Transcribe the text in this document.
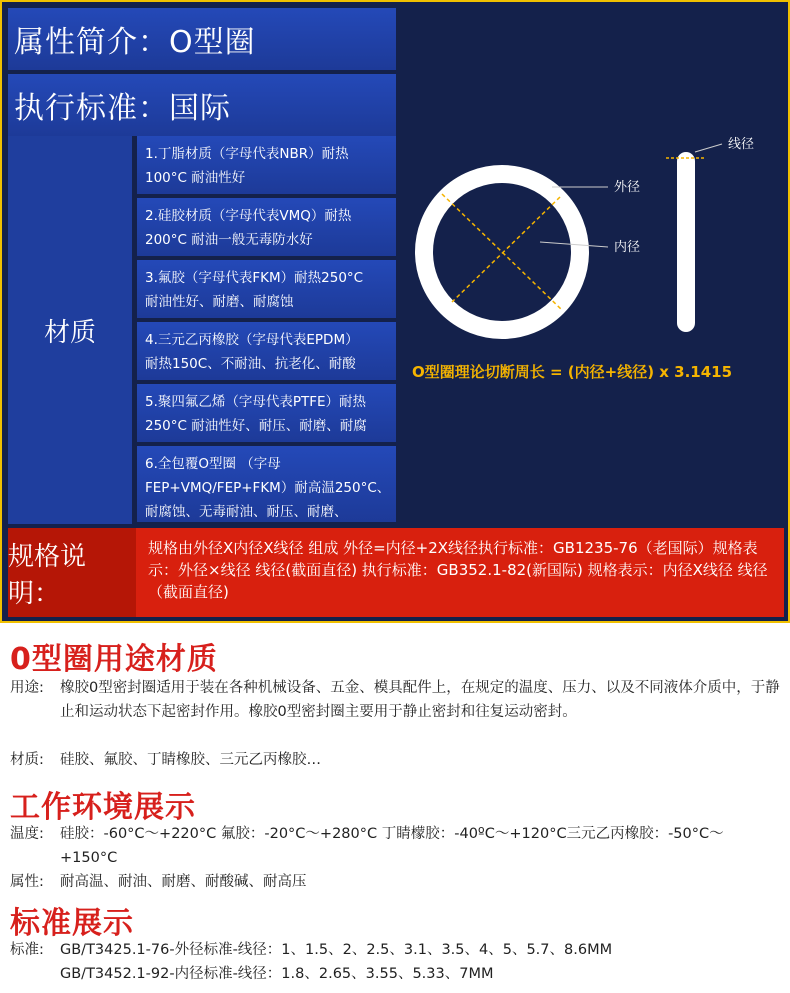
属性简介： O型圈
执行标准： 国际
材质
1.丁脂材质（字母代表NBR）耐热
100°C 耐油性好
2.硅胶材质（字母代表VMQ）耐热
200°C 耐油一般无毒防水好
3.氟胶（字母代表FKM）耐热250°C
耐油性好、耐磨、耐腐蚀
4.三元乙丙橡胶（字母代表EPDM）
耐热150C、不耐油、抗老化、耐酸
5.聚四氟乙烯（字母代表PTFE）耐热
250°C 耐油性好、耐压、耐磨、耐腐
6.全包覆O型圈 （字母
FEP+VMQ/FEP+FKM）耐高温250°C、
耐腐蚀、无毒耐油、耐压、耐磨、
外径
内径
线径
O型圈理论切断周长 = (内径+线径) x 3.1415
规格说明：
规格由外径X内径X线径 组成 外径=内径+2X线径执行标准：GB1235-76（老国际）规格表示：外径×线径 线径(截面直径) 执行标准：GB352.1-82(新国际) 规格表示：内径X线径 线径（截面直径)
0型圈用途材质
用途:	橡胶0型密封圈适用于装在各种机械设备、五金、模具配件上，在规定的温度、压力、以及不同液体介质中，于静止和运动状态下起密封作用。橡胶0型密封圈主要用于静止密封和往复运动密封。
材质:	硅胶、氟胶、丁睛橡胶、三元乙丙橡胶…
工作环境展示
温度:	硅胶：-60°C～+220°C 氟胶：-20°C～+280°C 丁睛檬胶：-40ºC～+120°C三元乙丙橡胶：-50°C～+150°C
属性:	耐高温、耐油、耐磨、耐酸碱、耐高压
标准展示
标准:	GB/T3425.1-76-外径标准-线径：1、1.5、2、2.5、3.1、3.5、4、5、5.7、8.6MM
GB/T3452.1-92-内径标准-线径：1.8、2.65、3.55、5.33、7MM
